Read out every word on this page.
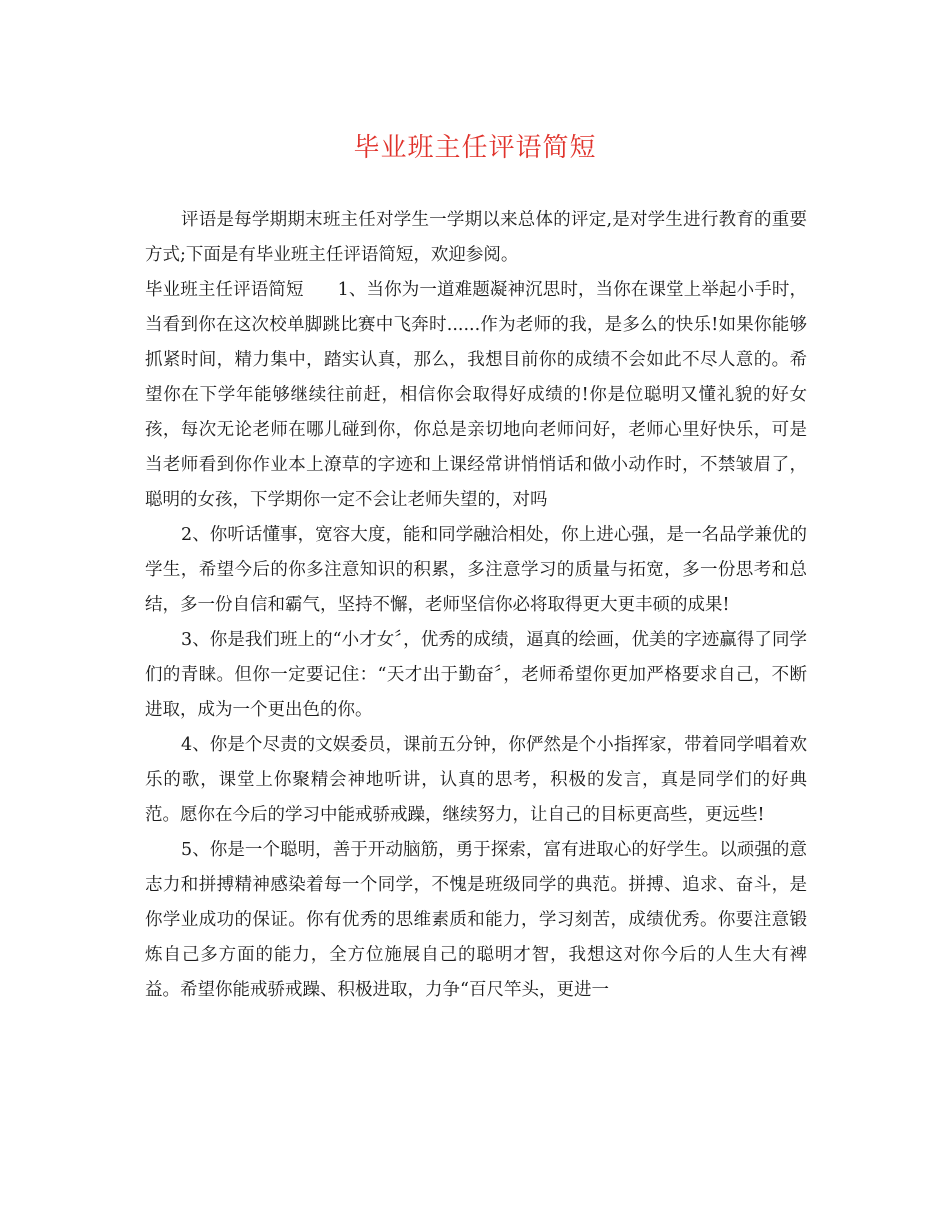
毕业班主任评语简短

评语是每学期期末班主任对学生一学期以来总体的评定,是对学生进行教育的重要方式;下面是有毕业班主任评语简短，欢迎参阅。

毕业班主任评语简短 1、当你为一道难题凝神沉思时，当你在课堂上举起小手时，当看到你在这次校单脚跳比赛中飞奔时......作为老师的我，是多么的快乐!如果你能够抓紧时间，精力集中，踏实认真，那么，我想目前你的成绩不会如此不尽人意的。希望你在下学年能够继续往前赶，相信你会取得好成绩的!你是位聪明又懂礼貌的好女孩，每次无论老师在哪儿碰到你，你总是亲切地向老师问好，老师心里好快乐，可是当老师看到你作业本上潦草的字迹和上课经常讲悄悄话和做小动作时，不禁皱眉了，聪明的女孩，下学期你一定不会让老师失望的，对吗

2、你听话懂事，宽容大度，能和同学融洽相处，你上进心强，是一名品学兼优的学生，希望今后的你多注意知识的积累，多注意学习的质量与拓宽，多一份思考和总结，多一份自信和霸气，坚持不懈，老师坚信你必将取得更大更丰硕的成果!

3、你是我们班上的“小才女〞，优秀的成绩，逼真的绘画，优美的字迹赢得了同学们的青睐。但你一定要记住：“天才出于勤奋〞，老师希望你更加严格要求自己，不断进取，成为一个更出色的你。

4、你是个尽责的文娱委员，课前五分钟，你俨然是个小指挥家，带着同学唱着欢乐的歌，课堂上你聚精会神地听讲，认真的思考，积极的发言，真是同学们的好典范。愿你在今后的学习中能戒骄戒躁，继续努力，让自己的目标更高些，更远些!

5、你是一个聪明，善于开动脑筋，勇于探索，富有进取心的好学生。以顽强的意志力和拼搏精神感染着每一个同学，不愧是班级同学的典范。拼搏、追求、奋斗，是你学业成功的保证。你有优秀的思维素质和能力，学习刻苦，成绩优秀。你要注意锻炼自己多方面的能力，全方位施展自己的聪明才智，我想这对你今后的人生大有裨益。希望你能戒骄戒躁、积极进取，力争“百尺竿头，更进一
